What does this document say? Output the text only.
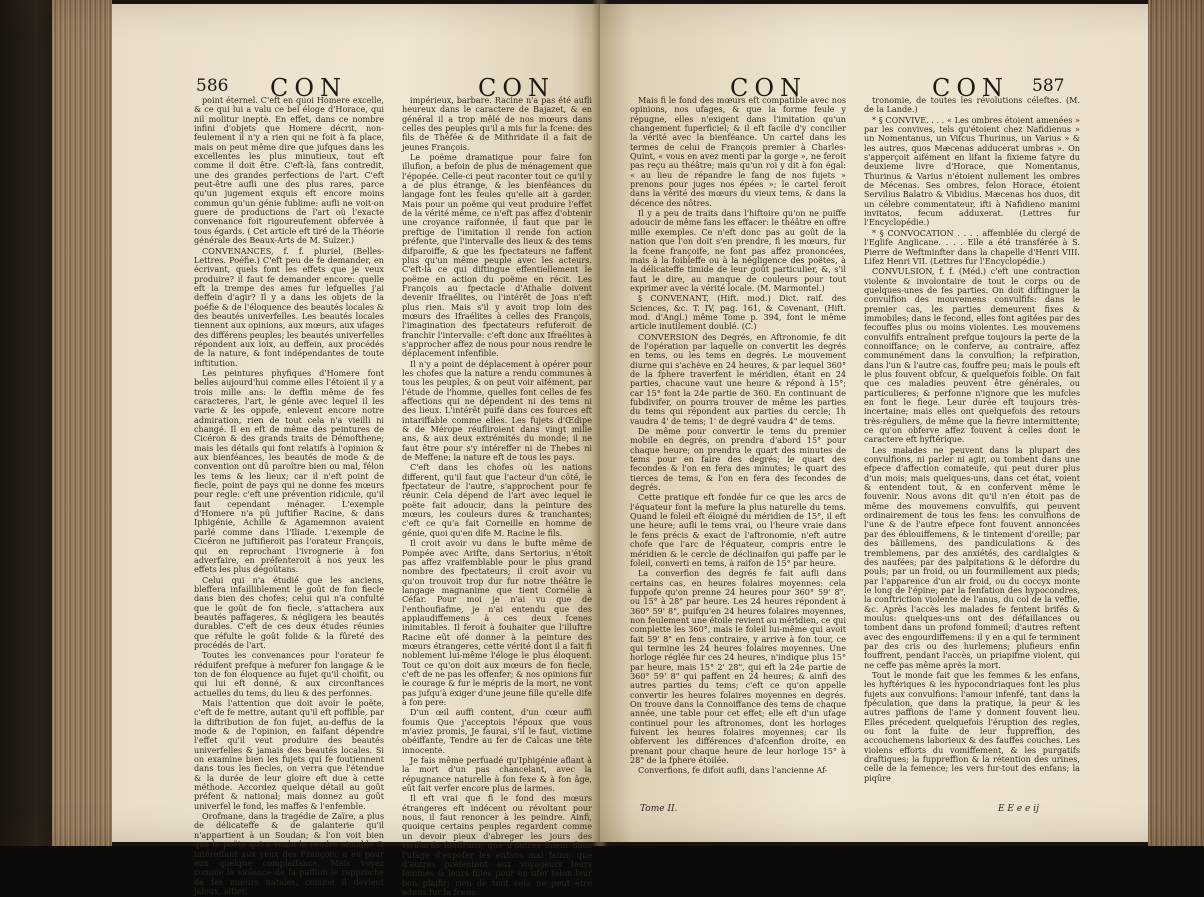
586 CON	CON

point éternel. C'eft en quoi Homere excelle, & ce qui lui a valu ce bel éloge d'Horace, qui nil molitur ineptè. En effet, dans ce nombre infini d'objets que Homere décrit, non-feulement il n'y a rien qui ne foit à fa place, mais on peut même dire que jufques dans les excellentes les plus minutieux, tout eft comme il doit être. C'eft-là, fans contredit, une des grandes perfections de l'art. C'eft peut-être aufli une des plus rares, parce qu'un jugement exquis eft encore moins commun qu'un génie fublime: aufli ne voit-on guere de productions de l'art où l'exacte convenance foit rigoureufement obfervée à tous égards. ( Cet article eft tiré de la Théorie générale des Beaux-Arts de M. Sulzer.)

CONVENANCES, f. f. pluriel, (Belles-Lettres. Poéfie.) C'eft peu de fe demander, en écrivant, quels font les effets que je veux produire? il faut fe demander encore: quelle eft la trempe des ames fur lefquelles j'ai deffein d'agir? Il y a dans les objets de la poéfie & de l'éloquence des beautés locales & des beautés univerfelles. Les beautés locales tiennent aux opinions, aux mœurs, aux ufages des différens peuples; les beautés univerfelles répondent aux loix, au deffein, aux procédés de la nature, & font indépendantes de toute inftitution.

Les peintures phyfiques d'Homere font belles aujourd'hui comme elles l'étoient il y a trois mille ans: le deffin même de fes caracteres, l'art, le génie avec lequel il les varie & les oppofe, enlevent encore notre admiration, rien de tout cela n'a vieilli ni changé. Il en eft de même des peintures de Cicéron & des grands traits de Démofthene; mais les détails qui font relatifs à l'opinion & aux bienféances, les beautés de mode & de convention ont dû paroître bien ou mal, félon les tems & les lieux; car il n'eft point de fiecle, point de pays qui ne donne fes mœurs pour regle: c'eft une prévention ridicule, qu'il faut cependant ménager. L'exemple d'Homere n'a pû juftifier Racine, & dans Iphigénie, Achille & Agamemnon avaient parlé comme dans l'Iliade. L'exemple de Cicéron ne juftifieroit pas l'orateur François, qui en reprochant l'ivrognerie à fon adverfaire, en préfenteroit à nos yeux les effets les plus dégoûtans.

Celui qui n'a étudié que les anciens, bleffera infailliblement le goût de fon fiecle dans bien des chofes; celui qui n'a confulté que le goût de fon fiecle, s'attachera aux beautés paffageres, & négligera les beautés durables. C'eft de ces deux études réunies que réfulte le goût folide & la fûreté des procédés de l'art.

Toutes les convenances pour l'orateur fe réduifent prefque à mefurer fon langage & le ton de fon éloquence au fujet qu'il choifit, ou qui lui eft donné, & aux circonftances actuelles du tems, du lieu & des perfonnes.

Mais l'attention que doit avoir le poëte, c'eft de fe mettre, autant qu'il eft poffible, par la diftribution de fon fujet, au-deffus de la mode & de l'opinion, en faifant dépendre l'effet qu'il veut produire des beautés univerfelles & jamais des beautés locales. Si on examine bien les fujets qui fe foutiennent dans tous les fiecles, on verra que l'étendue & la durée de leur gloire eft due à cette méthode. Accordez quelque détail au goût préfent & national; mais donnez au goût univerfel le fond, les maffes & l'enfemble.

Orofmane, dans la tragédie de Zaïre, a plus de délicateffe & de galanterie qu'il n'appartient à un Soudan; & l'on voit bien que le poëte qui a voulu le rendre aimable & intéreffant aux yeux des François, a eu pour eux quelque complaifance. Mais voyez comme la violence de fa paffion le rapproche de fes mœurs natales, comme il devient jaloux, altier,

impérieux, barbare. Racine n'a pas été aufli heureux dans le caractere de Bajazet, & en général il a trop mêlé de nos mœurs dans celles des peuples qu'il a mis fur la fcene: des fils de Théfée & de Mithridate il a fait de jeunes François.

Le poëme dramatique pour faire fon illufion, a befoin de plus de ménagement que l'épopée. Celle-ci peut raconter tout ce qu'il y a de plus étrange, & les bienféances du langage font les feules qu'elle ait à garder. Mais pour un poëme qui veut produire l'effet de la vérité même, ce n'eft pas affez d'obtenir une croyance raifonnée, il faut que par le preftige de l'imitation il rende fon action préfente, que l'intervalle des lieux & des tems difparoiffe, & que les fpectateurs ne faffent plus qu'un même peuple avec les acteurs. C'eft-là ce qui diftingue effentiellement le poëme en action du poëme en récit. Les François au fpectacle d'Athalie doivent devenir Ifraélites, ou l'intérêt de Joas n'eft plus rien. Mais s'il y avoit trop loin des mœurs des Ifraélites à celles des François, l'imagination des fpectateurs refuferoit de franchir l'intervalle: c'eft donc aux Ifraélites à s'approcher affez de nous pour nous rendre le déplacement infenfible.

Il n'y a point de déplacement à opérer pour les chofes que la nature a rendu communes à tous les peuples, & on peut voir aifément, par l'étude de l'homme, quelles font celles de fes affections qui ne dépendent ni des tems ni des lieux. L'intérêt puifé dans ces fources eft intariffable comme elles. Les fujets d'Œdipe & de Mérope réufliroient dans vingt mille ans, & aux deux extrémités du monde; il ne faut être pour s'y intéreffer ni de Thebes ni de Meffene: la nature eft de tous les pays.

C'eft dans les chofes où les nations different, qu'il faut que l'acteur d'un côté, le fpectateur de l'autre, s'approchent pour fe réunir. Cela dépend de l'art avec lequel le poëte fait adoucir, dans la peinture des mœurs, les couleurs dures & tranchantes; c'eft ce qu'a fait Corneille en homme de génie, quoi qu'en dife M. Racine le fils.

Il croit avoir vu dans le bufte même de Pompée avec Arifte, dans Sertorius, n'étoit pas affez vraifemblable pour le plus grand nombre des fpectateurs; il croit avoir vu qu'on trouvoit trop dur fur notre théâtre le langage magnanime que tient Cornélie à Céfar. Pour moi je n'ai vu que de l'enthoufiafme, je n'ai entendu que des applaudiffemens à ces deux fcenes inimitables. Il feroit à fouhaiter que l'illuftre Racine eût ofé donner à la peinture des mœurs étrangeres, cette vérité dont il a fait fi noblement lui-même l'éloge le plus éloquent. Tout ce qu'on doit aux mœurs de fon fiecle, c'eft de ne pas les offenfer; & nos opinions fur le courage & fur le mépris de la mort, ne vont pas jufqu'à exiger d'une jeune fille qu'elle dife à fon pere:

D'un œil auffi content, d'un cœur auffi foumis Que j'acceptois l'époux que vous m'aviez promis, Je faurai, s'il le faut, victime obéiffante, Tendre au fer de Calcas une tête innocente.

Je fais même perfuadé qu'Iphigénie aflant à la mort d'un pas chancelant, avec la répugnance naturelle à fon fexe & à fon âge, eût fait verfer encore plus de larmes.

Il eft vrai que fi le fond des mœurs étrangeres eft indécent ou révoltant pour nous, il faut renoncer à les peindre. Ainfi, quoique certains peuples regardent comme un devoir pieux d'abreger les jours des vieillards fouffrans; que d'autres foient dans l'ufage d'expofer les enfans mal fains; que d'autres préfentent aux voyageurs leurs femmes & leurs filles pour en ufer felon leur bon plaifir; rien de tout cela ne peut être admis fur la fcene.

CON	CON 587

Mais fi le fond des mœurs eft compatible avec nos opinions, nos ufages, & que la forme feule y répugne, elles n'exigent dans l'imitation qu'un changement fuperficiel; & il eft facile d'y concilier la vérité avec la bienféance. Un cartel dans les termes de celui de François premier à Charles-Quint, « vous en avez menti par la gorge », ne feroit pas reçu au théâtre; mais qu'un roi y dit à fon égal: « au lieu de répandre le fang de nos fujets » prenons pour juges nos épées »; le cartel feroit dans la vérité des mœurs du vieux tems, & dans la décence des nôtres.

Il y a peu de traits dans l'hiftoire qu'on ne puiffe adoucir de même fans les effacer: le théâtre en offre mille exemples. Ce n'eft donc pas au goût de la nation que l'on doit s'en prendre, fi les mœurs, fur la fcene françoife, ne font pas affez prononcées, mais à la foibleffe ou à la négligence des poëtes, à la délicateffe timide de leur goût particulier, &, s'il faut le dire, au manque de couleurs pour tout exprimer avec la vérité locale. (M. Marmontel.)

§ CONVENANT, (Hift. mod.) Dict. raif. des Sciences, &c. T. IV, pag. 161, & Covenant, (Hift. mod. d'Angl.) même Tome p. 394, font le même article inutilement doublé. (C.)

CONVERSION des Degrés, en Aftronomie, fe dit de l'opération par laquelle on convertit les degrés en tems, ou les tems en degrés. Le mouvement diurne qui s'achève en 24 heures, & par lequel 360° de la fphere traverfent le méridien, étant en 24 parties, chacune vaut une heure & répond à 15°; car 15° font la 24e partie de 360. En continuant de fubdivifer, on pourra trouver de même les parties du tems qui répondent aux parties du cercle; 1h vaudra 4' de tems; 1' de degré vaudra 4" de tems.

De même pour convertir le tems du premier mobile en degrés, on prendra d'abord 15° pour chaque heure; on prendra le quart des minutes de tems pour en faire des degrés; le quart des fecondes & l'on en fera des minutes; le quart des tierces de tems, & l'on en fera des fecondes de degrés.

Cette pratique eft fondée fur ce que les arcs de l'équateur font la mefure la plus naturelle du tems. Quand le foleil eft éloigné du méridien de 15°, il eft une heure; aufli le tems vrai, ou l'heure vraie dans le fens précis & exact de l'aftronomie, n'eft autre chofe que l'arc de l'équateur, compris entre le méridien & le cercle de déclinaifon qui paffe par le foleil, converti en tems, à raifon de 15° par heure.

La converfion des degrés fe fait aufli dans certains cas, en heures folaires moyennes: cela fuppofe qu'on prenne 24 heures pour 360° 59' 8", ou 15° à 28" par heure. Les 24 heures répondent à 360° 59' 8", puifqu'en 24 heures folaires moyennes, non feulement une étoile revient au méridien, ce qui complette les 360°, mais le foleil lui-même qui avoit fait 59' 8" en fens contraire, y arrive à fon tour, ce qui termine les 24 heures folaires moyennes. Une horloge réglée fur ces 24 heures, n'indique plus 15° par heure, mais 15° 2' 28", qui eft la 24e partie de 360° 59' 8" qui paffent en 24 heures; & ainfi des autres parties du tems; c'eft ce qu'on appelle convertir les heures folaires moyennes en degrés. On trouve dans la Connoiffance des tems de chaque année, une table pour cet effet; elle eft d'un ufage continuel pour les aftronomes, dont les horloges fuivent les heures folaires moyennes; car ils obfervent les différences d'afcenfion droite, en prenant pour chaque heure de leur horloge 15° à 28" de la fphere étoilée.

Converfions, fe difoit aufli, dans l'ancienne Af-

tronomie, de toutes les révolutions céleftes. (M. de la Lande.)

* § CONVIVE. . . . « Les ombres étoient amenées » par les convives, tels qu'étoient chez Nafidienus » un Nomentanus, un Vifcus Thurinus, un Varius » & les autres, quos Mæcenas adducerat umbras ». On s'apperçoit aifément en lifant la fixieme fatyre du deuxieme livre d'Horace, que Nomentanus, Thurinus & Varius n'étoient nullement les ombres de Mécenas. Ses ombres, felon Horace, étoient Servilius Balatro & Vibidius. Mæcenas hos duos, dit un célebre commentateur, ifti à Nafidieno manimi invitatos, fecum adduxerat. (Lettres fur l'Encyclopédie.)

* § CONVOCATION . . . . affemblée du clergé de l'Eglife Anglicane. . . . Elle a été transférée à S. Pierre de Weftminfter dans la chapelle d'Henri VIII. Lifez Henri VII. (Lettres fur l'Encyclopédie.)

CONVULSION, f. f. (Méd.) c'eft une contraction violente & involontaire de tout le corps ou de quelques-unes de fes parties. On doit diftinguer la convulfion des mouvemens convulfifs: dans le premier cas, les parties demeurent fixes & immobiles; dans le fecond, elles font agitées par des fecouffes plus ou moins violentes. Les mouvemens convulfifs entraînent prefque toujours la perte de la connoiffance; on le conferve, au contraire, affez communément dans la convulfion; la refpiration, dans l'un & l'autre cas, fouffre peu; mais le pouls eft le plus fouvent obfcur, & quelquefois foible. On fait que ces maladies peuvent être générales, ou particulieres; & perfonne n'ignore que les mufcles en font le fiege. Leur durée eft toujours très-incertaine; mais elles ont quelquefois des retours très-réguliers, de même que la fievre intermittente; ce qu'on obferve affez fouvent à celles dont le caractere eft hyftérique.

Les malades ne peuvent dans la plupart des convulfions, ni parler ni agir, ou tombent dans une efpece d'affection comateufe, qui peut durer plus d'un mois; mais quelques-uns, dans cet état, voient & entendent tout, & en confervent même le fouvenir. Nous avons dit qu'il n'en étoit pas de même des mouvemens convulfifs, qui peuvent ordinairement de tous les fens: les convulfions de l'une & de l'autre efpece font fouvent annoncées par des éblouiffemens, & le tintement d'oreille; par des bâillemens, des pandiculations & des tremblemens, par des anxiétés, des cardialgies & des naufées; par des palpitations & le défordre du pouls; par un froid, ou un fourmillement aux pieds; par l'apparence d'un air froid, ou du coccyx monte le long de l'épine; par la fenfation des hypocondres, la conftriction violente de l'anus, du col de la veffie, &c. Après l'accès les malades fe fentent brifés & moulus: quelques-uns ont des défaillances ou tombent dans un profond fommeil; d'autres reftent avec des engourdiffemens: il y en a qui fe terminent par des cris ou des hurlemens; plufieurs enfin fouffrent, pendant l'accès, un priapifme violent, qui ne ceffe pas même après la mort.

Tout le monde fait que les femmes & les enfans, les hyftériques & les hypocondriaques font les plus fujets aux convulfions: l'amour infenfé, tant dans la fpéculation, que dans la pratique, la peur & les autres paffions de l'ame y donnent fouvent lieu. Elles précedent quelquefois l'éruption des regles, ou font la fuite de leur fuppreffion, des accouchemens laborieux & des fauffes couches. Les violens efforts du vomiffement, & les purgatifs draftiques; la fuppreffion & la rétention des urines, celle de la femence; les vers fur-tout des enfans; la piqûre

Tome II.	E E e e ij
